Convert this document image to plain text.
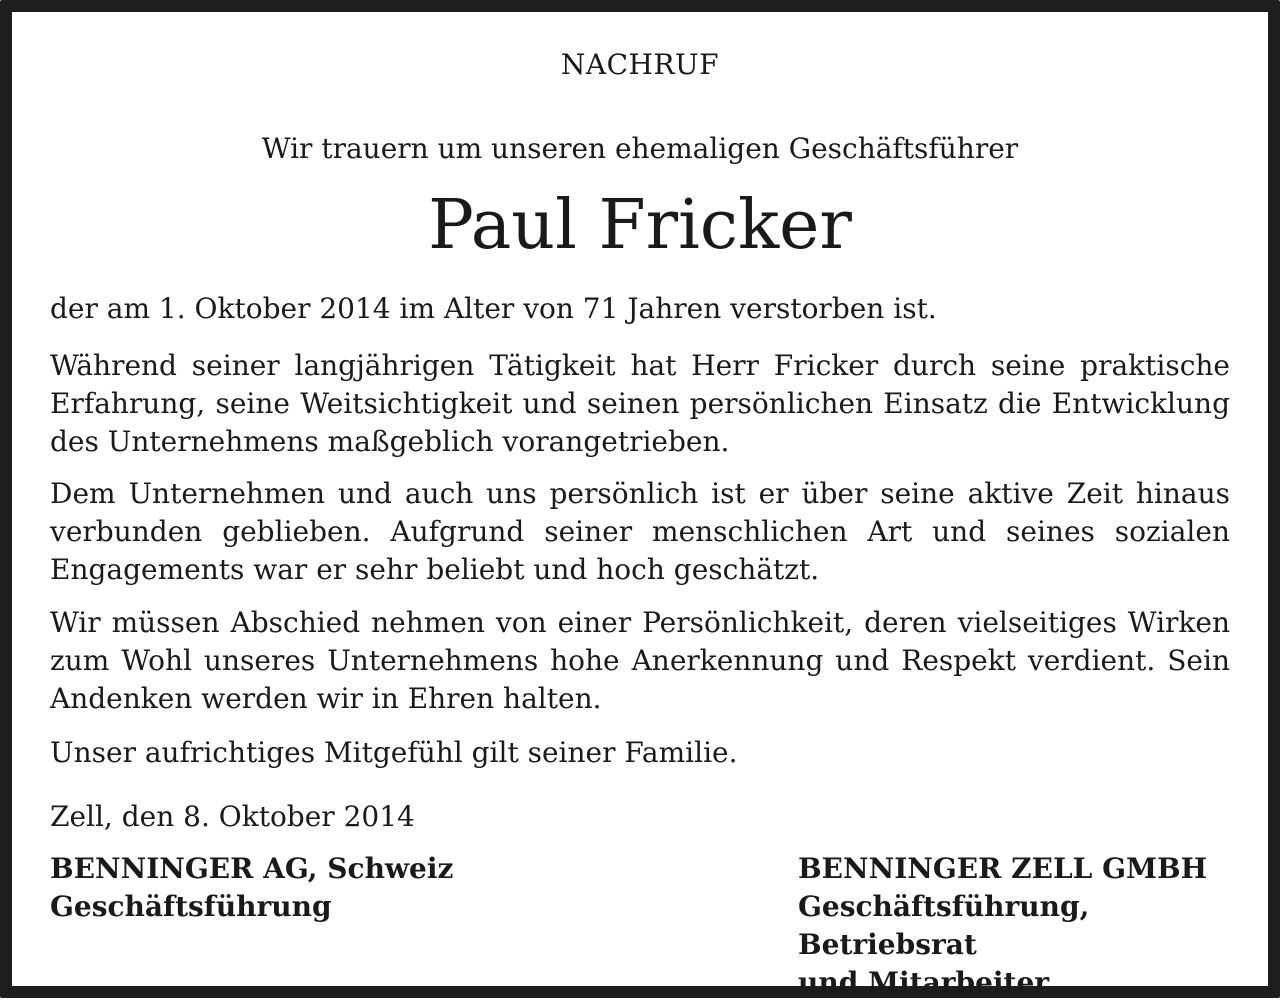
NACHRUF
Wir trauern um unseren ehemaligen Geschäftsführer
Paul Fricker
der am 1. Oktober 2014 im Alter von 71 Jahren verstorben ist.
Während seiner langjährigen Tätigkeit hat Herr Fricker durch seine praktische Erfahrung, seine Weitsichtigkeit und seinen persönlichen Einsatz die Entwicklung des Unternehmens maßgeblich vorangetrieben.
Dem Unternehmen und auch uns persönlich ist er über seine aktive Zeit hinaus verbunden geblieben. Aufgrund seiner menschlichen Art und seines sozialen Engagements war er sehr beliebt und hoch geschätzt.
Wir müssen Abschied nehmen von einer Persönlichkeit, deren vielseitiges Wirken zum Wohl unseres Unternehmens hohe Anerkennung und Respekt verdient. Sein Andenken werden wir in Ehren halten.
Unser aufrichtiges Mitgefühl gilt seiner Familie.
Zell, den 8. Oktober 2014
BENNINGER AG, Schweiz
Geschäftsführung
BENNINGER ZELL GMBH
Geschäftsführung, Betriebsrat
und Mitarbeiter
